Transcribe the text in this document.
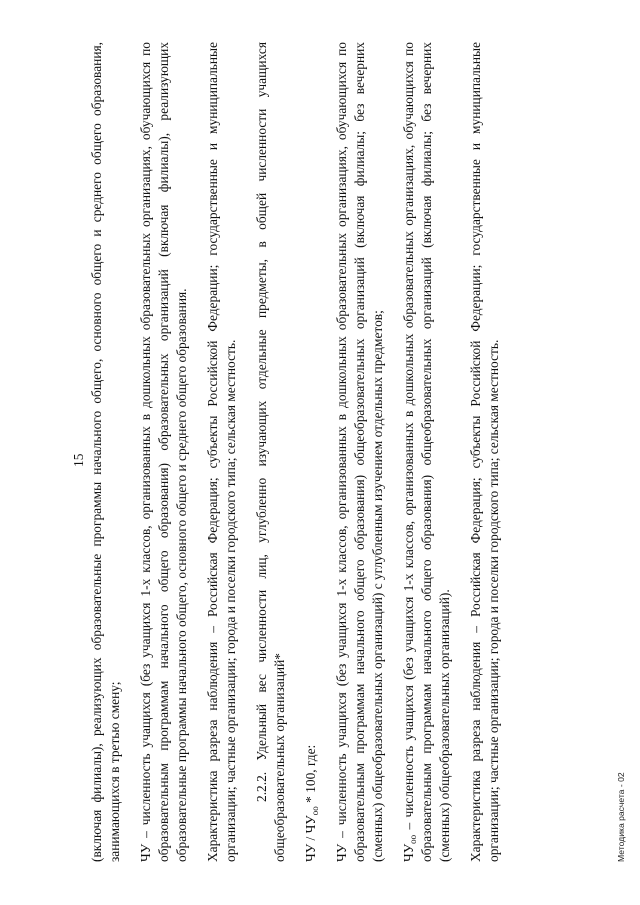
15 (включая филиалы), реализующих образовательные программы начального общего, основного общего и среднего общего образования, занимающихся в третью смену; ЧУ – численность учащихся (без учащихся 1-х классов, организованных в дошкольных образовательных организациях, обучающихся по образовательным программам начального общего образования) образовательных организаций (включая филиалы), реализующих образовательные программы начального общего, основного общего и среднего общего образования. Характеристика разреза наблюдения – Российская Федерация; субъекты Российской Федерации; государственные и муниципальные организации; частные организации; города и поселки городского типа; сельская местность. 2.2.2. Удельный вес численности лиц, углубленно изучающих отдельные предметы, в общей численности учащихся общеобразовательных организаций* ЧУ / $ЧУ_{оо} * 100$, где: ЧУ – численность учащихся (без учащихся 1-х классов, организованных в дошкольных образовательных организациях, обучающихся по образовательным программам начального общего образования) общеобразовательных организаций (включая филиалы; без вечерних (сменных) общеобразовательных организаций) с углубленным изучением отдельных предметов; $ЧУ_{оо}$ – численность учащихся (без учащихся 1-х классов, организованных в дошкольных образовательных организациях, обучающихся по образовательным программам начального общего образования) общеобразовательных организаций (включая филиалы; без вечерних (сменных) общеобразовательных организаций). Характеристика разреза наблюдения – Российская Федерация; субъекты Российской Федерации; государственные и муниципальные организации; частные организации; города и поселки городского типа; сельская местность.	Методика расчета - 02
